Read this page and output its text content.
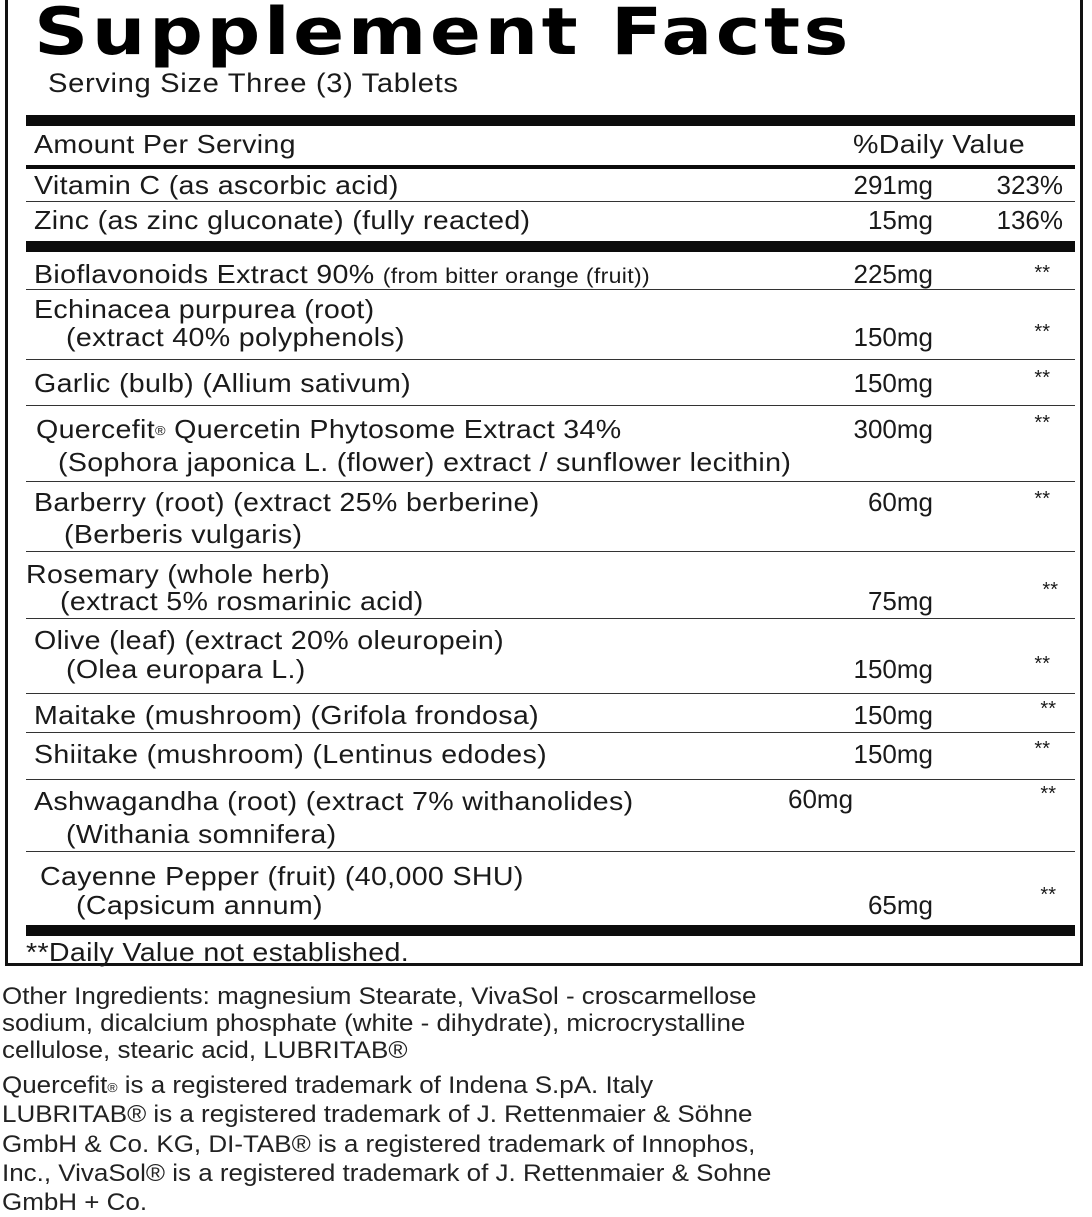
Supplement Facts
Serving Size Three (3) Tablets
Amount Per Serving	%Daily Value
Vitamin C (as ascorbic acid)	291mg	323%
Zinc (as zinc gluconate) (fully reacted)	15mg	136%
Bioflavonoids Extract 90% (from bitter orange (fruit))	225mg	**
Echinacea purpurea (root)
(extract 40% polyphenols)	150mg	**
Garlic (bulb) (Allium sativum)	150mg	**
Quercefit® Quercetin Phytosome Extract 34%
(Sophora japonica L. (flower) extract / sunflower lecithin)
300mg	**
Barberry (root) (extract 25% berberine)
(Berberis vulgaris)
60mg	**
Rosemary (whole herb)
(extract 5% rosmarinic acid)	75mg	**
Olive (leaf) (extract 20% oleuropein)
(Olea europara L.)	150mg	**
Maitake (mushroom) (Grifola frondosa)	150mg	**
Shiitake (mushroom) (Lentinus edodes)	150mg	**
Ashwagandha (root) (extract 7% withanolides)
(Withania somnifera)
60mg	**
Cayenne Pepper (fruit) (40,000 SHU)
(Capsicum annum)	65mg	**
**Daily Value not established.
Other Ingredients: magnesium Stearate, VivaSol - croscarmellose
sodium, dicalcium phosphate (white - dihydrate), microcrystalline
cellulose, stearic acid, LUBRITAB®
Quercefit® is a registered trademark of Indena S.pA. Italy
LUBRITAB® is a registered trademark of J. Rettenmaier & Söhne
GmbH & Co. KG, DI-TAB® is a registered trademark of Innophos,
Inc., VivaSol® is a registered trademark of J. Rettenmaier & Sohne
GmbH + Co.
